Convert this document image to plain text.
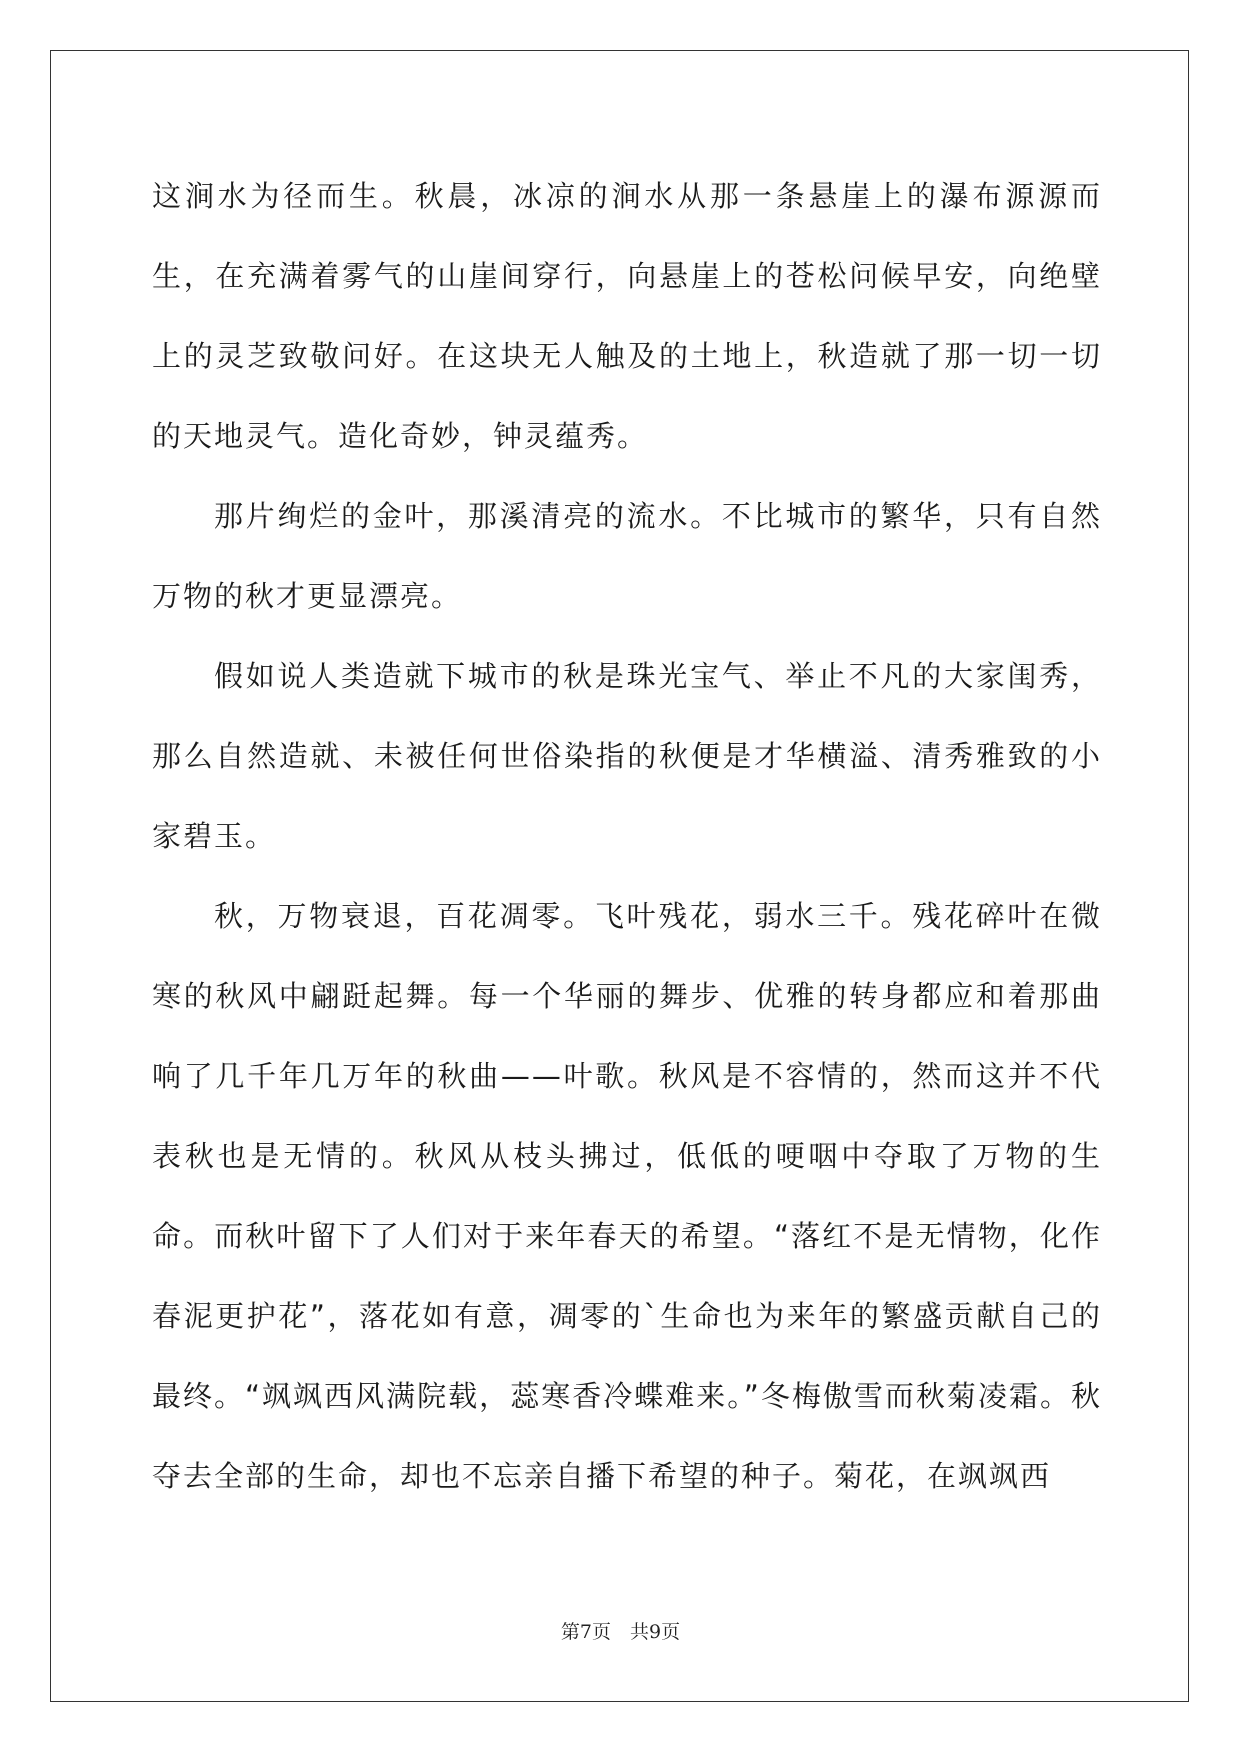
这涧水为径而生。秋晨，冰凉的涧水从那一条悬崖上的瀑布源源而生，在充满着雾气的山崖间穿行，向悬崖上的苍松问候早安，向绝壁上的灵芝致敬问好。在这块无人触及的土地上，秋造就了那一切一切的天地灵气。造化奇妙，钟灵蕴秀。

那片绚烂的金叶，那溪清亮的流水。不比城市的繁华，只有自然万物的秋才更显漂亮。

假如说人类造就下城市的秋是珠光宝气、举止不凡的大家闺秀，那么自然造就、未被任何世俗染指的秋便是才华横溢、清秀雅致的小家碧玉。

秋，万物衰退，百花凋零。飞叶残花，弱水三千。残花碎叶在微寒的秋风中翩跹起舞。每一个华丽的舞步、优雅的转身都应和着那曲响了几千年几万年的秋曲——叶歌。秋风是不容情的，然而这并不代表秋也是无情的。秋风从枝头拂过，低低的哽咽中夺取了万物的生命。而秋叶留下了人们对于来年春天的希望。“落红不是无情物，化作春泥更护花”，落花如有意，凋零的`生命也为来年的繁盛贡献自己的最终。“飒飒西风满院载，蕊寒香冷蝶难来。”冬梅傲雪而秋菊凌霜。秋夺去全部的生命，却也不忘亲自播下希望的种子。菊花，在飒飒西

第7页　共9页
